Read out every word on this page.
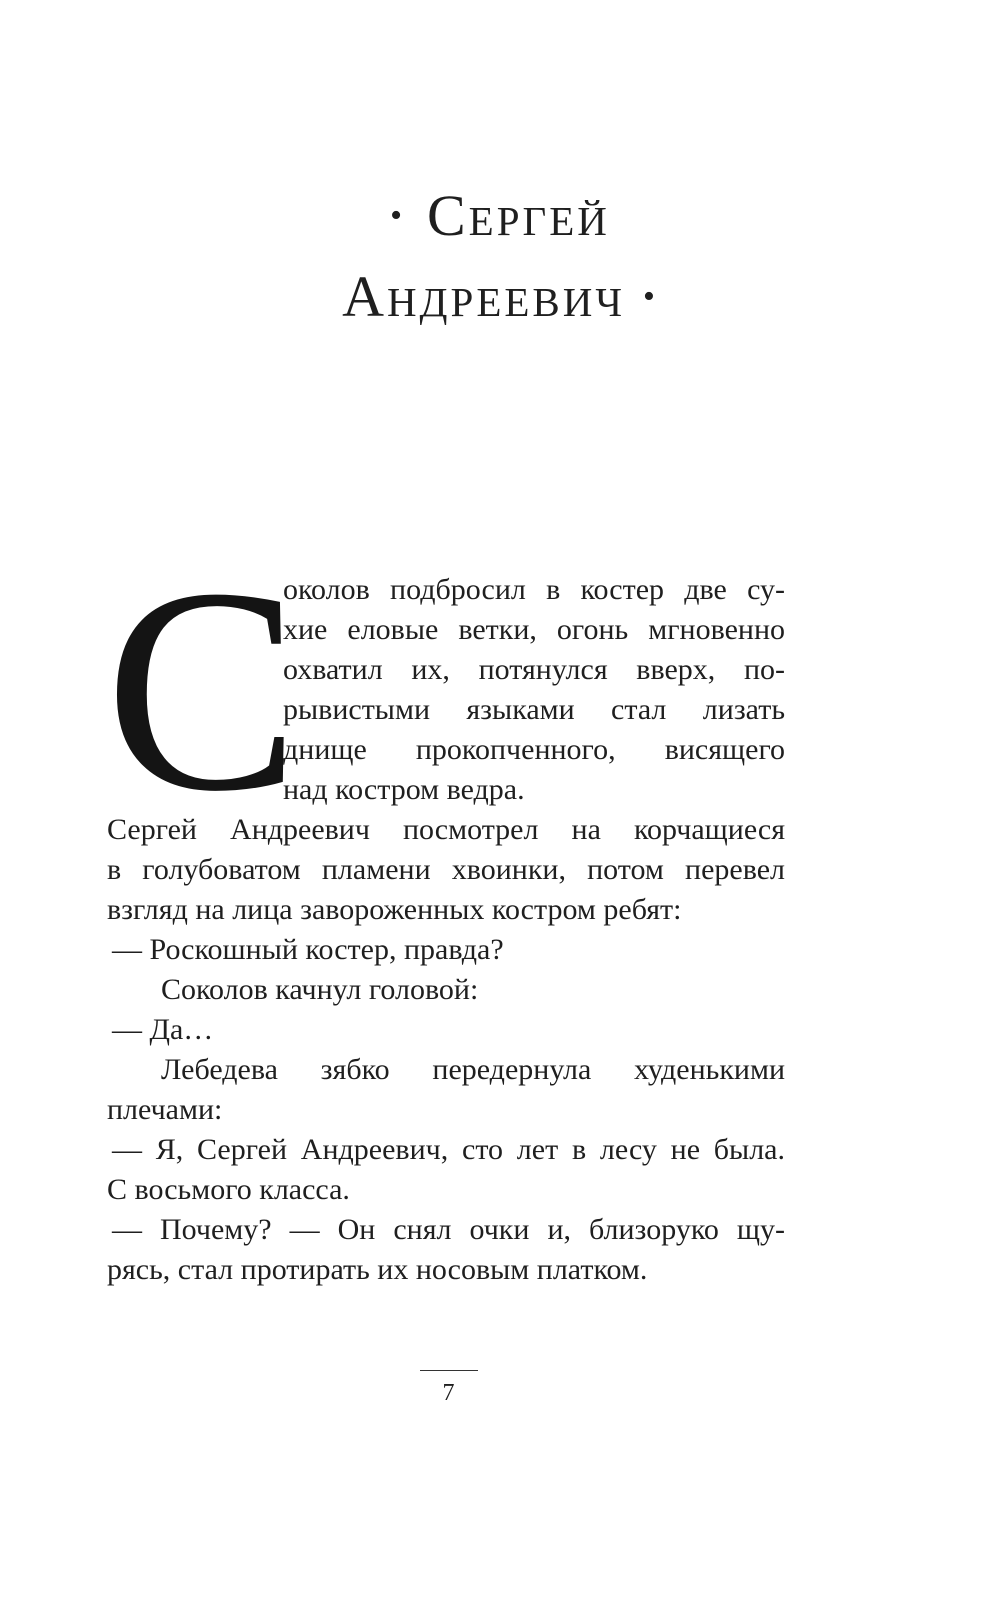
• Сергей
Андреевич •
С
околов подбросил в костер две су-
хие еловые ветки, огонь мгновенно
охватил их, потянулся вверх, по-
рывистыми языками стал лизать
днище прокопченного, висящего
над костром ведра.
Сергей Андреевич посмотрел на корчащиеся
в голубоватом пламени хвоинки, потом перевел
взгляд на лица завороженных костром ребят:
— Роскошный костер, правда?
Соколов качнул головой:
— Да…
Лебедева зябко передернула худенькими
плечами:
— Я, Сергей Андреевич, сто лет в лесу не была.
С восьмого класса.
— Почему? — Он снял очки и, близоруко щу-
рясь, стал протирать их носовым платком.
7
